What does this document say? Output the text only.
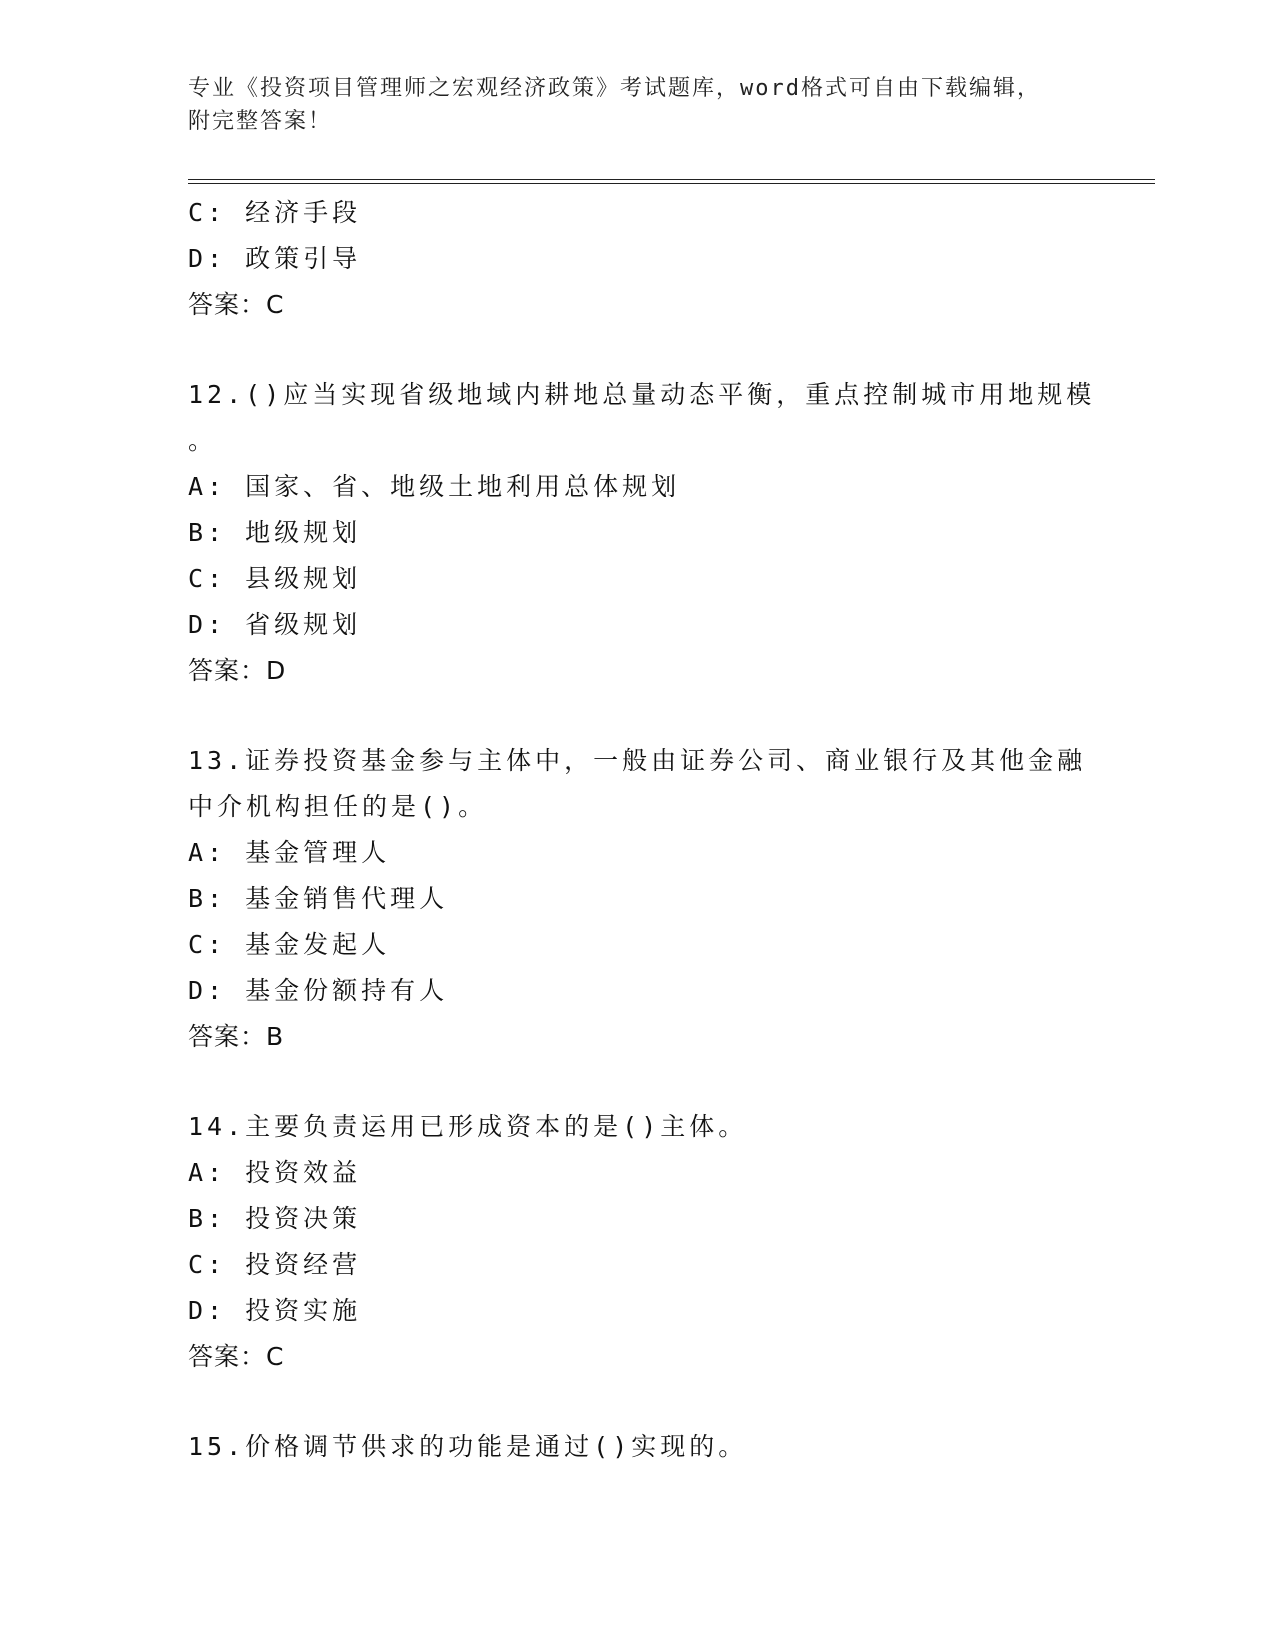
专业《投资项目管理师之宏观经济政策》考试题库，word格式可自由下载编辑，
附完整答案！
C: 经济手段
D: 政策引导
答案：C
12.()应当实现省级地域内耕地总量动态平衡，重点控制城市用地规模
。
A: 国家、省、地级土地利用总体规划
B: 地级规划
C: 县级规划
D: 省级规划
答案：D
13.证券投资基金参与主体中，一般由证券公司、商业银行及其他金融
中介机构担任的是()。
A: 基金管理人
B: 基金销售代理人
C: 基金发起人
D: 基金份额持有人
答案：B
14.主要负责运用已形成资本的是()主体。
A: 投资效益
B: 投资决策
C: 投资经营
D: 投资实施
答案：C
15.价格调节供求的功能是通过()实现的。
